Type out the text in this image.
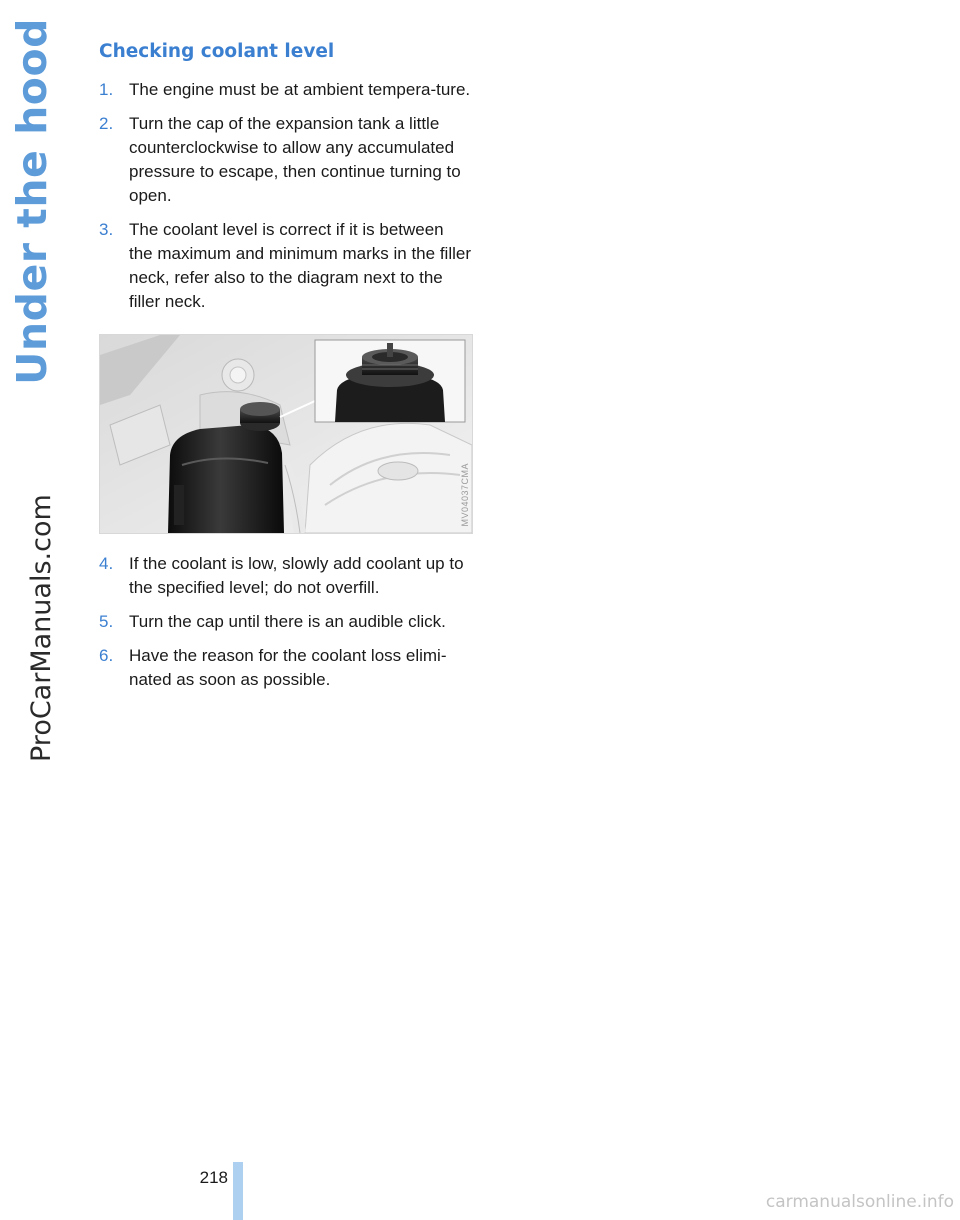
Under the hood
ProCarManuals.com
Checking coolant level
1. The engine must be at ambient tempera-ture.
2. Turn the cap of the expansion tank a little counterclockwise to allow any accumulated pressure to escape, then continue turning to open.
3. The coolant level is correct if it is between the maximum and minimum marks in the filler neck, refer also to the diagram next to the filler neck.
MV04037CMA
4. If the coolant is low, slowly add coolant up to the specified level; do not overfill.
5. Turn the cap until there is an audible click.
6. Have the reason for the coolant loss elimi-nated as soon as possible.
218
carmanualsonline.info
